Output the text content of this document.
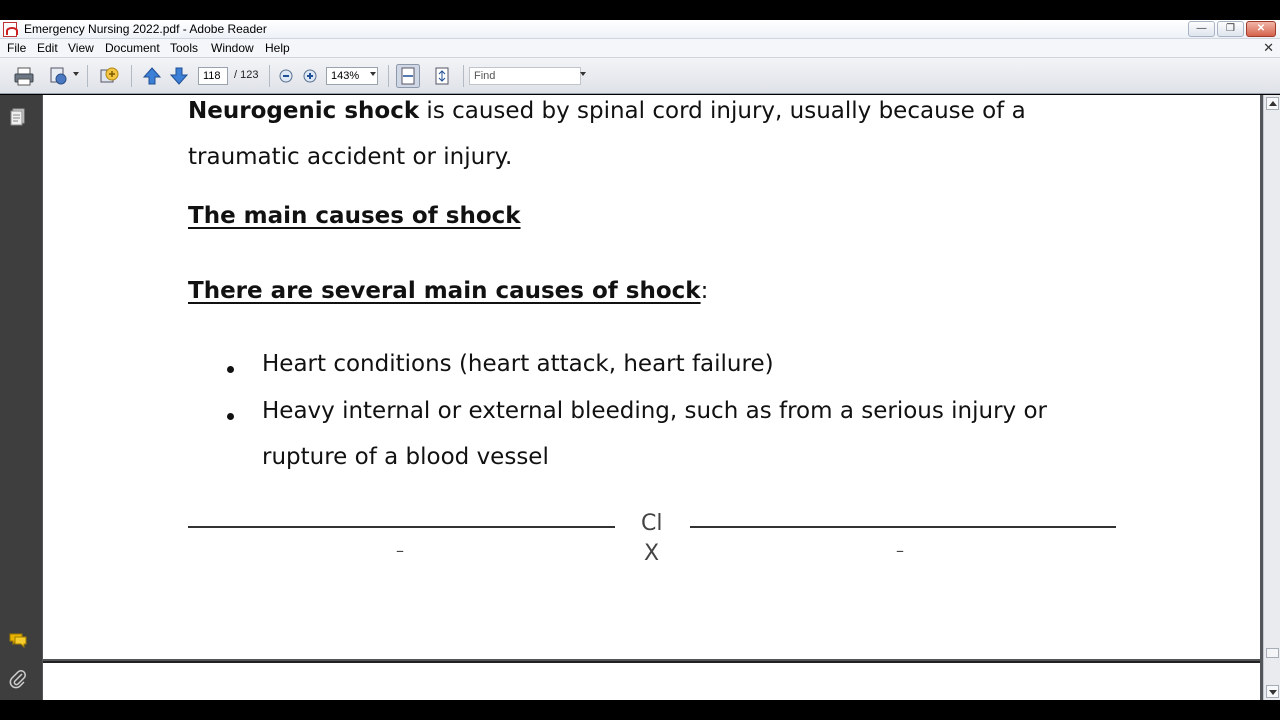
Emergency Nursing 2022.pdf - Adobe Reader	—	❐	✕
File Edit View Document Tools Window Help	✕
118	/ 123	143%	Find
Neurogenic shock is caused by spinal cord injury, usually because of a
traumatic accident or injury.
The main causes of shock
There are several main causes of shock:
Heart conditions (heart attack, heart failure)
Heavy internal or external bleeding, such as from a serious injury or
rupture of a blood vessel
Cl
X
–	–
